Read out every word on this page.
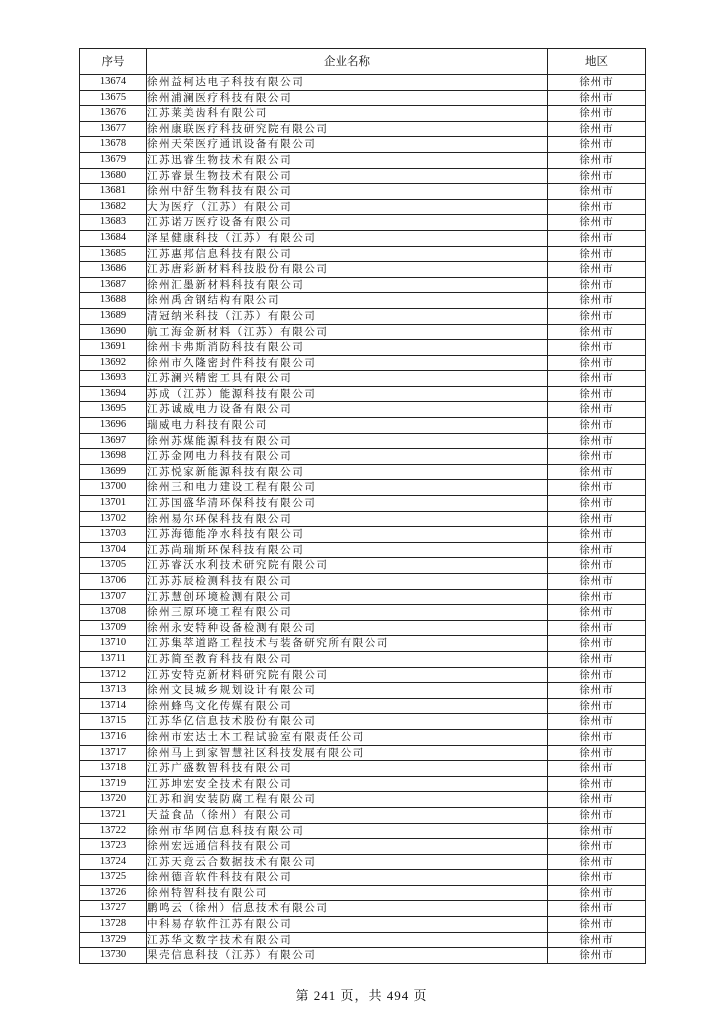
序号	企业名称	地区
13674	徐州益柯达电子科技有限公司	徐州市
13675	徐州浦澜医疗科技有限公司	徐州市
13676	江苏莱美齿科有限公司	徐州市
13677	徐州康联医疗科技研究院有限公司	徐州市
13678	徐州天荣医疗通讯设备有限公司	徐州市
13679	江苏迅睿生物技术有限公司	徐州市
13680	江苏睿景生物技术有限公司	徐州市
13681	徐州中舒生物科技有限公司	徐州市
13682	大为医疗（江苏）有限公司	徐州市
13683	江苏诺万医疗设备有限公司	徐州市
13684	泽星健康科技（江苏）有限公司	徐州市
13685	江苏惠邦信息科技有限公司	徐州市
13686	江苏唐彩新材料科技股份有限公司	徐州市
13687	徐州汇墨新材料科技有限公司	徐州市
13688	徐州禹舍钢结构有限公司	徐州市
13689	清冠纳米科技（江苏）有限公司	徐州市
13690	航工海金新材料（江苏）有限公司	徐州市
13691	徐州卡弗斯消防科技有限公司	徐州市
13692	徐州市久隆密封件科技有限公司	徐州市
13693	江苏澜兴精密工具有限公司	徐州市
13694	苏成（江苏）能源科技有限公司	徐州市
13695	江苏诚威电力设备有限公司	徐州市
13696	瑞威电力科技有限公司	徐州市
13697	徐州苏煤能源科技有限公司	徐州市
13698	江苏金网电力科技有限公司	徐州市
13699	江苏悦家新能源科技有限公司	徐州市
13700	徐州三和电力建设工程有限公司	徐州市
13701	江苏国盛华清环保科技有限公司	徐州市
13702	徐州易尔环保科技有限公司	徐州市
13703	江苏海德能净水科技有限公司	徐州市
13704	江苏尚瑞斯环保科技有限公司	徐州市
13705	江苏睿沃水利技术研究院有限公司	徐州市
13706	江苏苏辰检测科技有限公司	徐州市
13707	江苏慧创环境检测有限公司	徐州市
13708	徐州三原环境工程有限公司	徐州市
13709	徐州永安特种设备检测有限公司	徐州市
13710	江苏集萃道路工程技术与装备研究所有限公司	徐州市
13711	江苏简至教育科技有限公司	徐州市
13712	江苏安特克新材料研究院有限公司	徐州市
13713	徐州文艮城乡规划设计有限公司	徐州市
13714	徐州蜂鸟文化传媒有限公司	徐州市
13715	江苏华亿信息技术股份有限公司	徐州市
13716	徐州市宏达土木工程试验室有限责任公司	徐州市
13717	徐州马上到家智慧社区科技发展有限公司	徐州市
13718	江苏广盛数智科技有限公司	徐州市
13719	江苏坤宏安全技术有限公司	徐州市
13720	江苏和润安装防腐工程有限公司	徐州市
13721	天益食品（徐州）有限公司	徐州市
13722	徐州市华网信息科技有限公司	徐州市
13723	徐州宏远通信科技有限公司	徐州市
13724	江苏天竟云合数据技术有限公司	徐州市
13725	徐州德音软件科技有限公司	徐州市
13726	徐州特智科技有限公司	徐州市
13727	鹏鸣云（徐州）信息技术有限公司	徐州市
13728	中科易存软件江苏有限公司	徐州市
13729	江苏华文数字技术有限公司	徐州市
13730	果壳信息科技（江苏）有限公司	徐州市
第 241 页，共 494 页
